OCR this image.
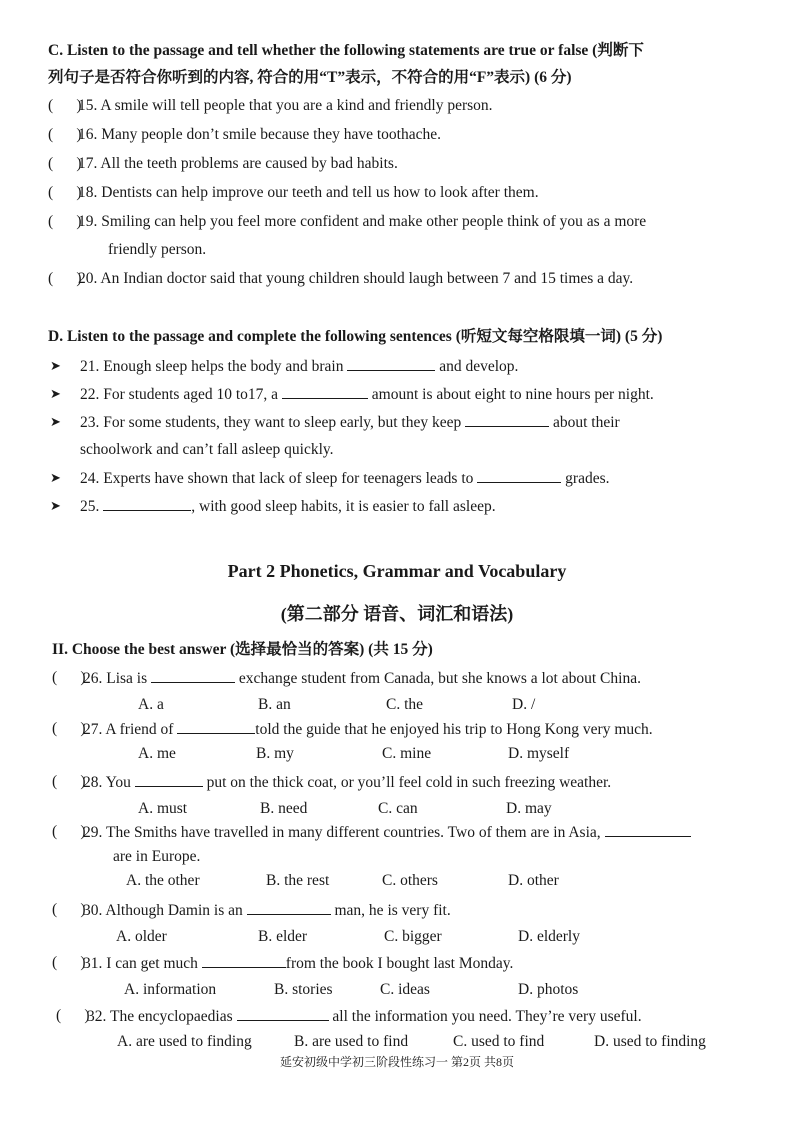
C. Listen to the passage and tell whether the following statements are true or false (判断下
列句子是否符合你听到的内容, 符合的用“T”表示，不符合的用“F”表示) (6 分)
(      )
15. A smile will tell people that you are a kind and friendly person.
(      )
16. Many people don’t smile because they have toothache.
(      )
17. All the teeth problems are caused by bad habits.
(      )
18. Dentists can help improve our teeth and tell us how to look after them.
(      )
19. Smiling can help you feel more confident and make other people think of you as a more
friendly person.
(      )
20. An Indian doctor said that young children should laugh between 7 and 15 times a day.
D. Listen to the passage and complete the following sentences (听短文每空格限填一词) (5 分)
➤ 21. Enough sleep helps the body and brain	and develop.
➤ 22. For students aged 10 to17, a	amount is about eight to nine hours per night.
➤ 23. For some students, they want to sleep early, but they keep	about their
schoolwork and can’t fall asleep quickly.
➤ 24. Experts have shown that lack of sleep for teenagers leads to	grades.
➤ 25.	, with good sleep habits, it is easier to fall asleep.
Part 2 Phonetics, Grammar and Vocabulary
(第二部分 语音、词汇和语法)
II. Choose the best answer (选择最恰当的答案) (共 15 分)
(      )
26. Lisa is	exchange student from Canada, but she knows a lot about China.
A. a	B. an	C. the	D. /
(      )
27. A friend of	told the guide that he enjoyed his trip to Hong Kong very much.
A. me	B. my	C. mine	D. myself
(      )
28. You	put on the thick coat, or you’ll feel cold in such freezing weather.
A. must	B. need	C. can	D. may
(      )
29. The Smiths have travelled in many different countries. Two of them are in Asia,
are in Europe.
A. the other	B. the rest	C. others	D. other
(      )
30. Although Damin is an	man, he is very fit.
A. older	B. elder	C. bigger	D. elderly
(      )
31. I can get much	from the book I bought last Monday.
A. information	B. stories	C. ideas	D. photos
(      )
32. The encyclopaedias	all the information you need. They’re very useful.
A. are used to finding	B. are used to find	C. used to find	D. used to finding
延安初级中学初三阶段性练习一 第2页 共8页
